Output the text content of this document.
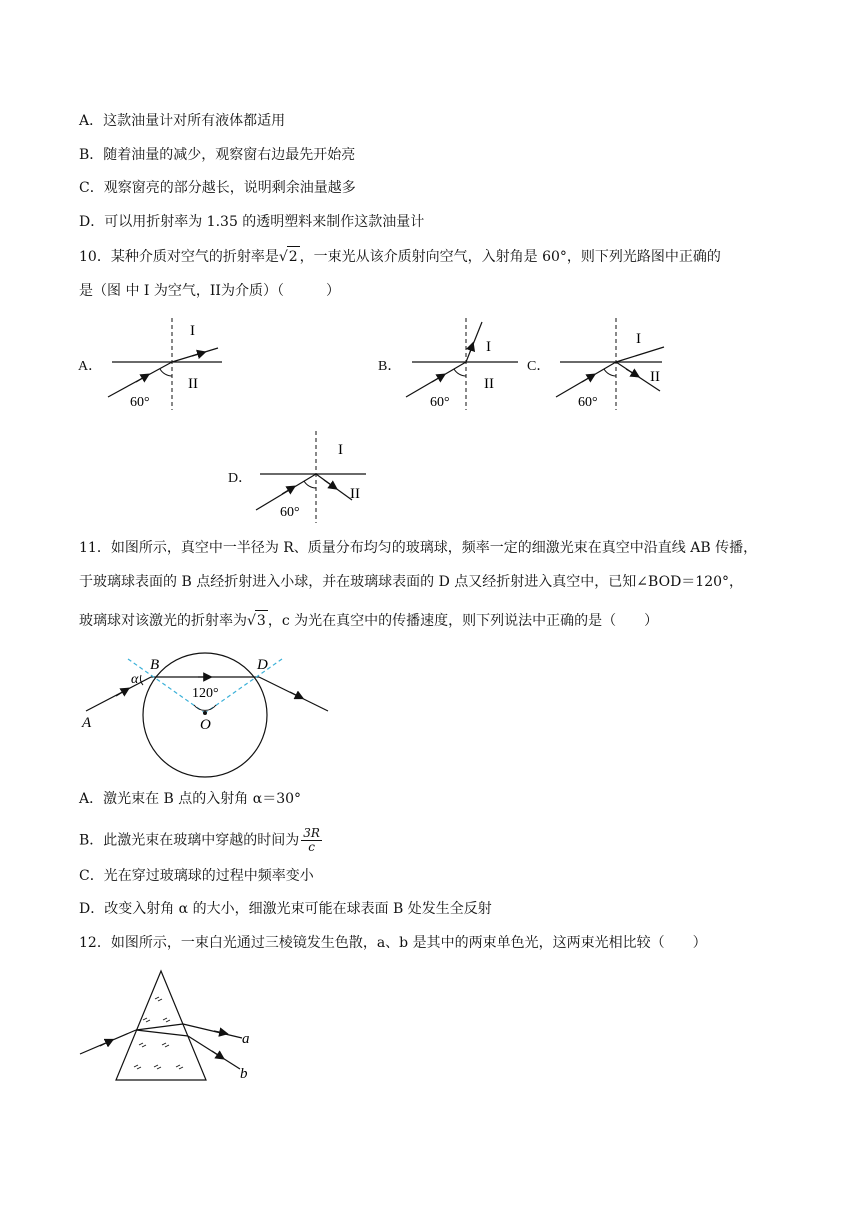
A．这款油量计对所有液体都适用
B．随着油量的减少，观察窗右边最先开始亮
C．观察窗亮的部分越长，说明剩余油量越多
D．可以用折射率为 1.35 的透明塑料来制作这款油量计
10．某种介质对空气的折射率是√2 ，一束光从该介质射向空气，入射角是 60°，则下列光路图中正确的
是（图 中 I 为空气，II为介质）（　　　）
A．	B．	C．
D．
60°
I
II
60°
I
II
60°
I
II
60°
I
II
11．如图所示，真空中一半径为 R、质量分布均匀的玻璃球，频率一定的细激光束在真空中沿直线 AB 传播，
于玻璃球表面的 B 点经折射进入小球，并在玻璃球表面的 D 点又经折射进入真空中，已知∠BOD＝120°，
玻璃球对该激光的折射率为√3 ，c 为光在真空中的传播速度，则下列说法中正确的是（　　）
120°
B	D
O
A
α
A．激光束在 B 点的入射角 α＝30°
B．此激光束在玻璃中穿越的时间为 $\frac{3R}{c}$
C．光在穿过玻璃球的过程中频率变小
D．改变入射角 α 的大小，细激光束可能在球表面 B 处发生全反射
12．如图所示，一束白光通过三棱镜发生色散，a、b 是其中的两束单色光，这两束光相比较（　　）
a
b
